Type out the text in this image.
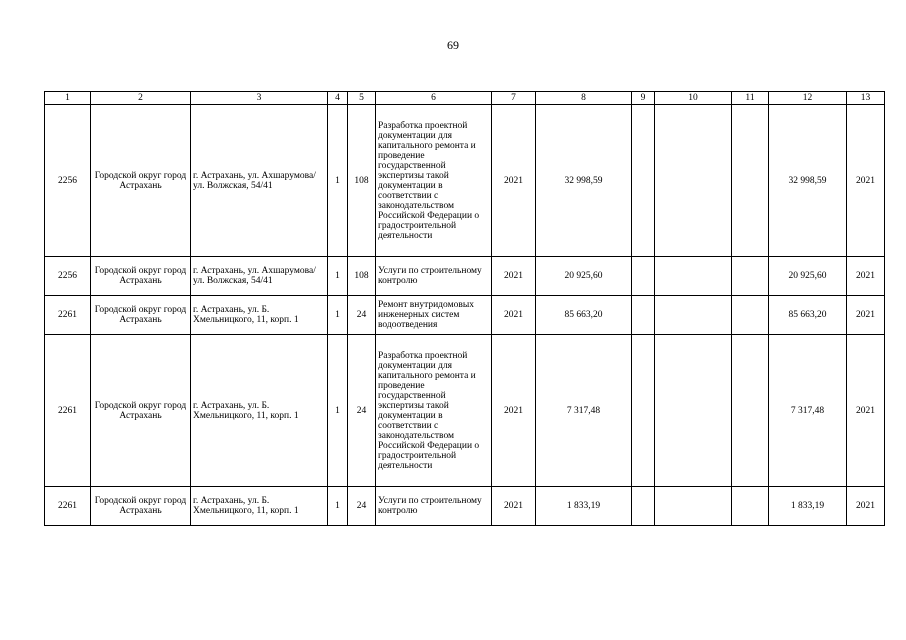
69
1	2	3	4	5	6	7	8	9	10	11	12	13
2256	Городской округ город Астрахань	г. Астрахань, ул. Ахшарумова/ ул. Волжская, 54/41	1	108	Разработка проектной документации для капитального ремонта и проведение государственной экспертизы такой документации в соответствии с законодательством Российской Федерации о градостроительной деятельности	2021	32 998,59				32 998,59	2021
2256	Городской округ город Астрахань	г. Астрахань, ул. Ахшарумова/ ул. Волжская, 54/41	1	108	Услуги по строительному контролю	2021	20 925,60				20 925,60	2021
2261	Городской округ город Астрахань	г. Астрахань, ул. Б. Хмельницкого, 11, корп. 1	1	24	Ремонт внутридомовых инженерных систем водоотведения	2021	85 663,20				85 663,20	2021
2261	Городской округ город Астрахань	г. Астрахань, ул. Б. Хмельницкого, 11, корп. 1	1	24	Разработка проектной документации для капитального ремонта и проведение государственной экспертизы такой документации в соответствии с законодательством Российской Федерации о градостроительной деятельности	2021	7 317,48				7 317,48	2021
2261	Городской округ город Астрахань	г. Астрахань, ул. Б. Хмельницкого, 11, корп. 1	1	24	Услуги по строительному контролю	2021	1 833,19				1 833,19	2021
